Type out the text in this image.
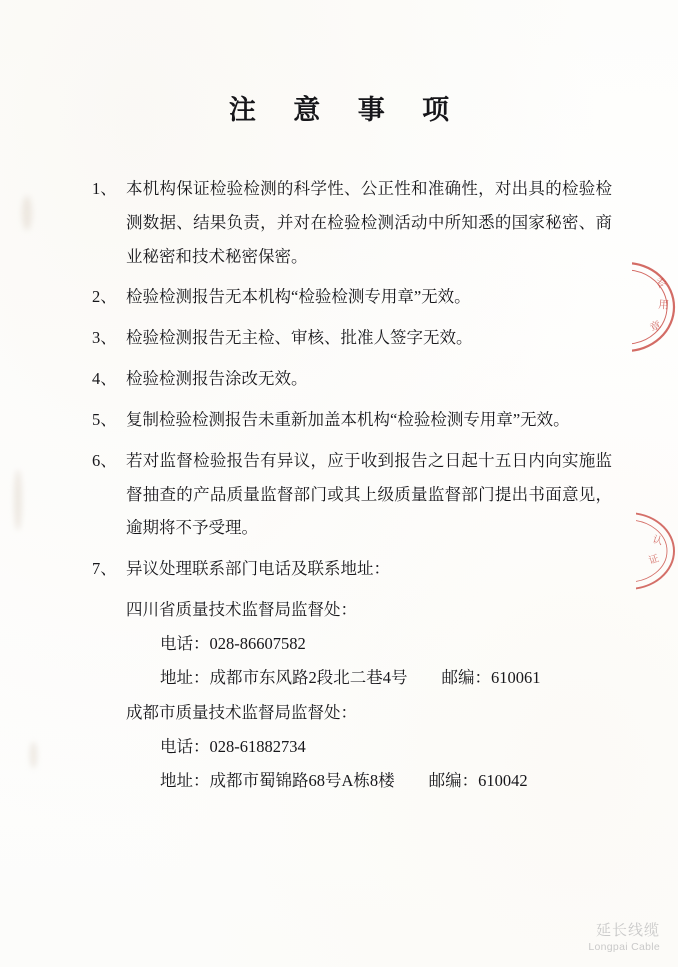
注 意 事 项
1、 本机构保证检验检测的科学性、公正性和准确性，对出具的检验检测数据、结果负责，并对在检验检测活动中所知悉的国家秘密、商业秘密和技术秘密保密。
2、 检验检测报告无本机构“检验检测专用章”无效。
3、 检验检测报告无主检、审核、批准人签字无效。
4、 检验检测报告涂改无效。
5、 复制检验检测报告未重新加盖本机构“检验检测专用章”无效。
6、 若对监督检验报告有异议，应于收到报告之日起十五日内向实施监督抽查的产品质量监督部门或其上级质量监督部门提出书面意见，逾期将不予受理。
7、 异议处理联系部门电话及联系地址：
四川省质量技术监督局监督处：
电话：028-86607582
地址：成都市东风路2段北二巷4号 邮编：610061
成都市质量技术监督局监督处：
电话：028-61882734
地址：成都市蜀锦路68号A栋8楼 邮编：610042
专
用
章
认
证
延长线缆
Longpai Cable
